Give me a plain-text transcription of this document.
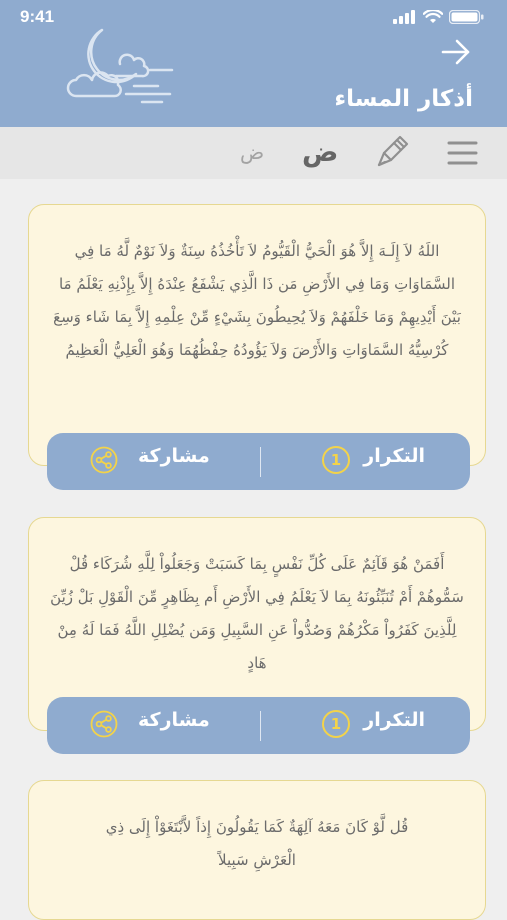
9:41
أذكار المساء
ض
ض
اللَهُ لاَ إِلَـهَ إِلاَّ هُوَ الْحَيُّ الْقَيُّومُ لاَ تَأْخُذُهُ سِنَةٌ وَلاَ نَوْمٌ لَّهُ مَا فِي السَّمَاوَاتِ وَمَا فِي الأَرْضِ مَن ذَا الَّذِي يَشْفَعُ عِنْدَهُ إِلاَّ بِإِذْنِهِ يَعْلَمُ مَا بَيْنَ أَيْدِيهِمْ وَمَا خَلْفَهُمْ وَلاَ يُحِيطُونَ بِشَيْءٍ مِّنْ عِلْمِهِ إِلاَّ بِمَا شَاء وَسِعَ كُرْسِيُّهُ السَّمَاوَاتِ وَالأَرْضَ وَلاَ يَؤُودُهُ حِفْظُهُمَا وَهُوَ الْعَلِيُّ الْعَظِيمُ
التكرار
1
مشاركة
أَفَمَنْ هُوَ قَآئِمٌ عَلَى كُلِّ نَفْسٍ بِمَا كَسَبَتْ وَجَعَلُواْ لِلَّهِ شُرَكَاء قُلْ سَمُّوهُمْ أَمْ تُنَبِّئُونَهُ بِمَا لاَ يَعْلَمُ فِي الأَرْضِ أَم بِظَاهِرٍ مِّنَ الْقَوْلِ بَلْ زُيِّنَ لِلَّذِينَ كَفَرُواْ مَكْرُهُمْ وَصُدُّواْ عَنِ السَّبِيلِ وَمَن يُضْلِلِ اللَّهُ فَمَا لَهُ مِنْ هَادٍ
التكرار
1
مشاركة
قُل لَّوْ كَانَ مَعَهُ آلِهَةٌ كَمَا يَقُولُونَ إِذاً لاَّبْتَغَوْاْ إِلَى ذِي الْعَرْشِ سَبِيلاً
